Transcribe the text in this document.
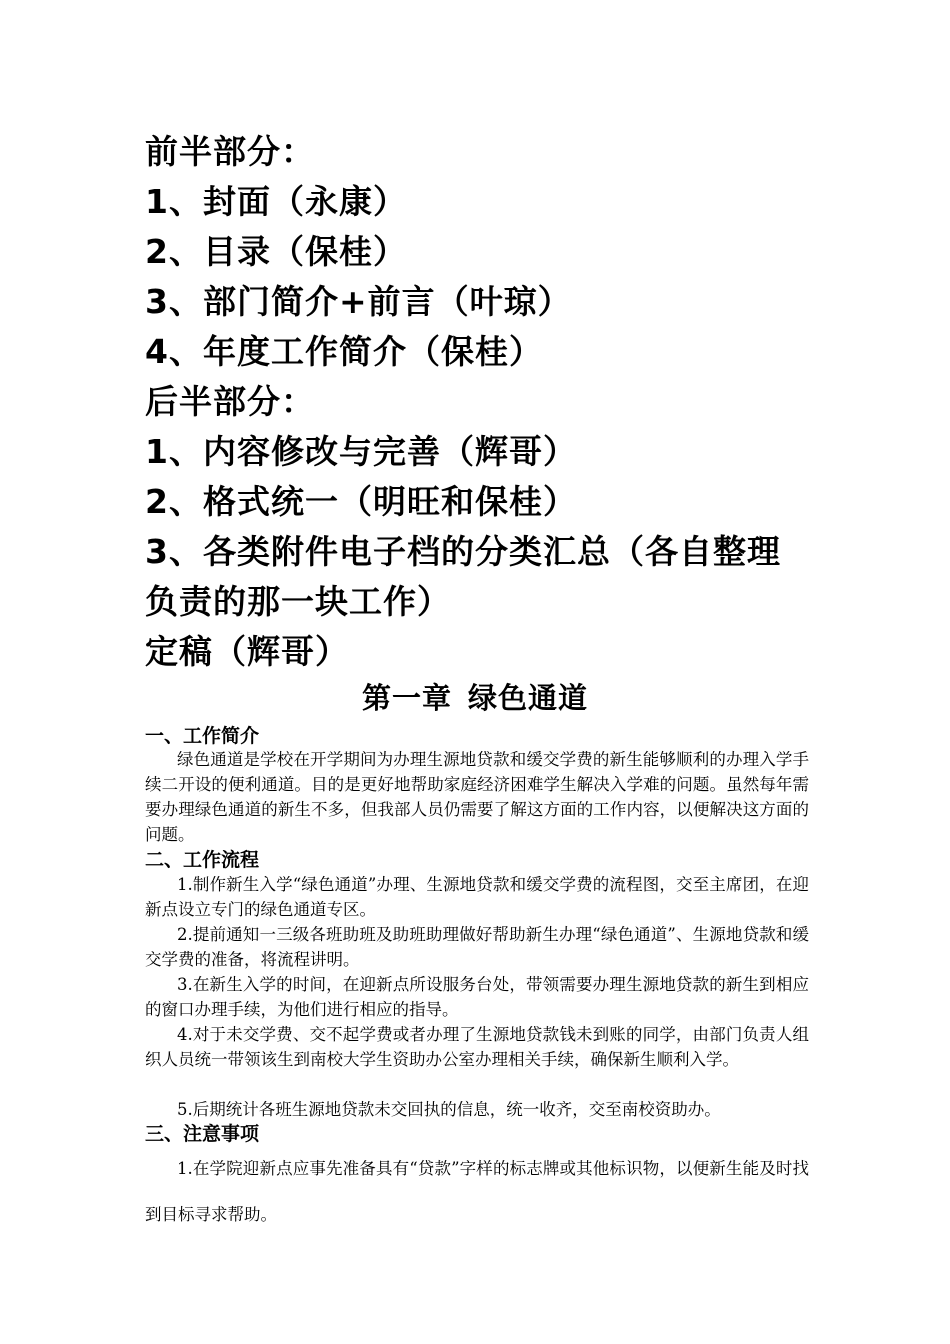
前半部分：
1、封面（永康）
2、目录（保桂）
3、部门简介+前言（叶琼）
4、年度工作简介（保桂）
后半部分：
1、内容修改与完善（辉哥）
2、格式统一（明旺和保桂）
3、各类附件电子档的分类汇总（各自整理
负责的那一块工作）
定稿（辉哥）
第一章 绿色通道
一、工作简介

绿色通道是学校在开学期间为办理生源地贷款和缓交学费的新生能够顺利的办理入学手续二开设的便利通道。目的是更好地帮助家庭经济困难学生解决入学难的问题。虽然每年需要办理绿色通道的新生不多，但我部人员仍需要了解这方面的工作内容，以便解决这方面的问题。

二、工作流程

1.制作新生入学“绿色通道”办理、生源地贷款和缓交学费的流程图，交至主席团，在迎新点设立专门的绿色通道专区。

2.提前通知一三级各班助班及助班助理做好帮助新生办理“绿色通道”、生源地贷款和缓交学费的准备，将流程讲明。

3.在新生入学的时间，在迎新点所设服务台处，带领需要办理生源地贷款的新生到相应的窗口办理手续，为他们进行相应的指导。

4.对于未交学费、交不起学费或者办理了生源地贷款钱未到账的同学，由部门负责人组织人员统一带领该生到南校大学生资助办公室办理相关手续，确保新生顺利入学。

5.后期统计各班生源地贷款未交回执的信息，统一收齐，交至南校资助办。

三、注意事项

1.在学院迎新点应事先准备具有“贷款”字样的标志牌或其他标识物，以便新生能及时找到目标寻求帮助。
